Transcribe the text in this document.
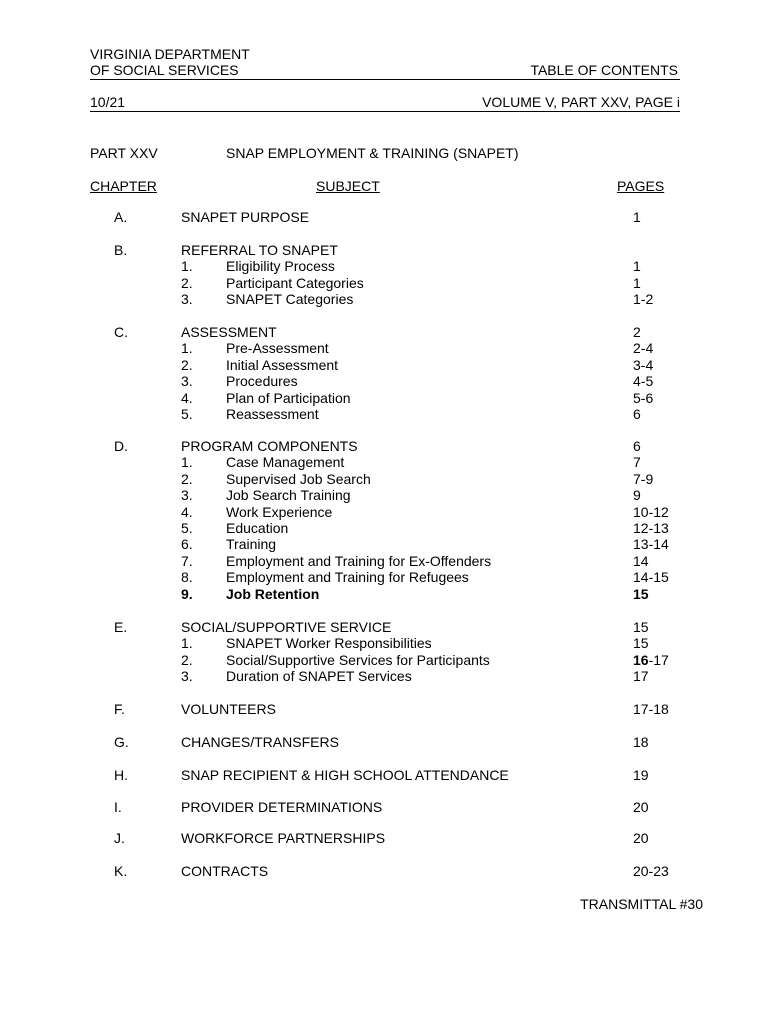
VIRGINIA DEPARTMENT
OF SOCIAL SERVICES	TABLE OF CONTENTS
10/21	VOLUME V, PART XXV, PAGE i
PART XXV	SNAP EMPLOYMENT & TRAINING (SNAPET)
CHAPTER	SUBJECT	PAGES
A.	SNAPET PURPOSE	1
B.	REFERRAL TO SNAPET
1. Eligibility Process	1
2. Participant Categories	1
3. SNAPET Categories	1-2
C.	ASSESSMENT	2
1. Pre-Assessment	2-4
2. Initial Assessment	3-4
3. Procedures	4-5
4. Plan of Participation	5-6
5. Reassessment	6
D.	PROGRAM COMPONENTS	6
1. Case Management	7
2. Supervised Job Search	7-9
3. Job Search Training	9
4. Work Experience	10-12
5. Education	12-13
6. Training	13-14
7. Employment and Training for Ex-Offenders	14
8. Employment and Training for Refugees	14-15
9. Job Retention	15
E.	SOCIAL/SUPPORTIVE SERVICE	15
1. SNAPET Worker Responsibilities	15
2. Social/Supportive Services for Participants	16-17
3. Duration of SNAPET Services	17
F.	VOLUNTEERS	17-18
G.	CHANGES/TRANSFERS	18
H.	SNAP RECIPIENT & HIGH SCHOOL ATTENDANCE	19
I.	PROVIDER DETERMINATIONS	20
J.	WORKFORCE PARTNERSHIPS	20
K.	CONTRACTS	20-23
TRANSMITTAL #30
